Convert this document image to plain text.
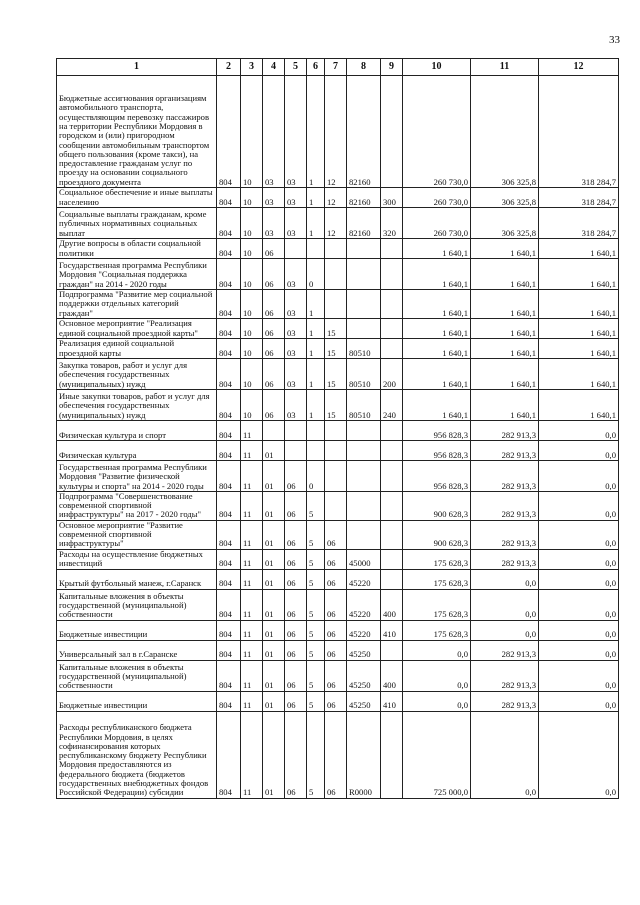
33
1	2	3	4	5	6	7	8	9	10	11	12
Бюджетные ассигнования организациям автомобильного транспорта, осуществляющим перевозку пассажиров на территории Республики Мордовия в городском и (или) пригородном сообщении автомобильным транспортом общего пользования (кроме такси), на предоставление гражданам услуг по проезду на основании социального проездного документа	804	10	03	03	1	12	82160		260 730,0	306 325,8	318 284,7
Социальное обеспечение и иные выплаты населению	804	10	03	03	1	12	82160	300	260 730,0	306 325,8	318 284,7
Социальные выплаты гражданам, кроме публичных нормативных социальных выплат	804	10	03	03	1	12	82160	320	260 730,0	306 325,8	318 284,7
Другие вопросы в области социальной политики	804	10	06						1 640,1	1 640,1	1 640,1
Государственная программа Республики Мордовия "Социальная поддержка граждан" на 2014 - 2020 годы	804	10	06	03	0				1 640,1	1 640,1	1 640,1
Подпрограмма "Развитие мер социальной поддержки отдельных категорий граждан"	804	10	06	03	1				1 640,1	1 640,1	1 640,1
Основное мероприятие "Реализация единой социальной проездной карты"	804	10	06	03	1	15			1 640,1	1 640,1	1 640,1
Реализация единой социальной проездной карты	804	10	06	03	1	15	80510		1 640,1	1 640,1	1 640,1
Закупка товаров, работ и услуг для обеспечения государственных (муниципальных) нужд	804	10	06	03	1	15	80510	200	1 640,1	1 640,1	1 640,1
Иные закупки товаров, работ и услуг для обеспечения государственных (муниципальных) нужд	804	10	06	03	1	15	80510	240	1 640,1	1 640,1	1 640,1
Физическая культура и спорт	804	11							956 828,3	282 913,3	0,0
Физическая культура	804	11	01						956 828,3	282 913,3	0,0
Государственная программа Республики Мордовия "Развитие физической культуры и спорта" на 2014 - 2020 годы	804	11	01	06	0				956 828,3	282 913,3	0,0
Подпрограмма "Совершенствование современной спортивной инфраструктуры" на 2017 - 2020 годы"	804	11	01	06	5				900 628,3	282 913,3	0,0
Основное мероприятие "Развитие современной спортивной инфраструктуры"	804	11	01	06	5	06			900 628,3	282 913,3	0,0
Расходы на осуществление бюджетных инвестиций	804	11	01	06	5	06	45000		175 628,3	282 913,3	0,0
Крытый футбольный манеж, г.Саранск	804	11	01	06	5	06	45220		175 628,3	0,0	0,0
Капитальные вложения в объекты государственной (муниципальной) собственности	804	11	01	06	5	06	45220	400	175 628,3	0,0	0,0
Бюджетные инвестиции	804	11	01	06	5	06	45220	410	175 628,3	0,0	0,0
Универсальный зал в г.Саранске	804	11	01	06	5	06	45250		0,0	282 913,3	0,0
Капитальные вложения в объекты государственной (муниципальной) собственности	804	11	01	06	5	06	45250	400	0,0	282 913,3	0,0
Бюджетные инвестиции	804	11	01	06	5	06	45250	410	0,0	282 913,3	0,0
Расходы республиканского бюджета Республики Мордовия, в целях софинансирования которых республиканскому бюджету Республики Мордовия предоставляются из федерального бюджета (бюджетов государственных внебюджетных фондов Российской Федерации) субсидии	804	11	01	06	5	06	R0000		725 000,0	0,0	0,0
